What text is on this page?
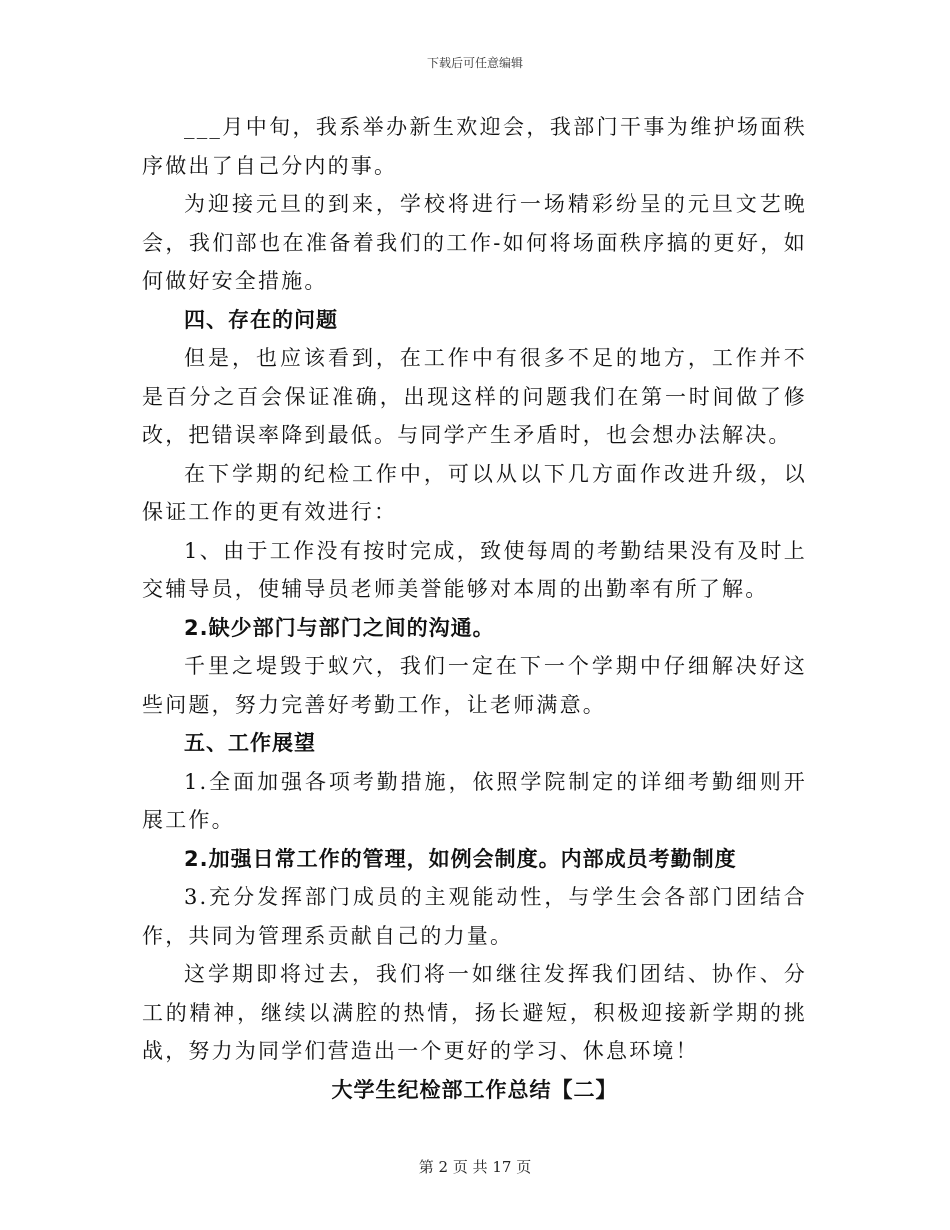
下载后可任意编辑

___月中旬，我系举办新生欢迎会，我部门干事为维护场面秩序做出了自己分内的事。

为迎接元旦的到来，学校将进行一场精彩纷呈的元旦文艺晚会，我们部也在准备着我们的工作-如何将场面秩序搞的更好，如何做好安全措施。

四、存在的问题

但是，也应该看到，在工作中有很多不足的地方，工作并不是百分之百会保证准确，出现这样的问题我们在第一时间做了修改，把错误率降到最低。与同学产生矛盾时，也会想办法解决。

在下学期的纪检工作中，可以从以下几方面作改进升级，以保证工作的更有效进行：

1、由于工作没有按时完成，致使每周的考勤结果没有及时上交辅导员，使辅导员老师美誉能够对本周的出勤率有所了解。

2.缺少部门与部门之间的沟通。

千里之堤毁于蚁穴，我们一定在下一个学期中仔细解决好这些问题，努力完善好考勤工作，让老师满意。

五、工作展望

1.全面加强各项考勤措施，依照学院制定的详细考勤细则开展工作。

2.加强日常工作的管理，如例会制度。内部成员考勤制度

3.充分发挥部门成员的主观能动性，与学生会各部门团结合作，共同为管理系贡献自己的力量。

这学期即将过去，我们将一如继往发挥我们团结、协作、分工的精神，继续以满腔的热情，扬长避短，积极迎接新学期的挑战，努力为同学们营造出一个更好的学习、休息环境！

大学生纪检部工作总结【二】

第 2 页 共 17 页
